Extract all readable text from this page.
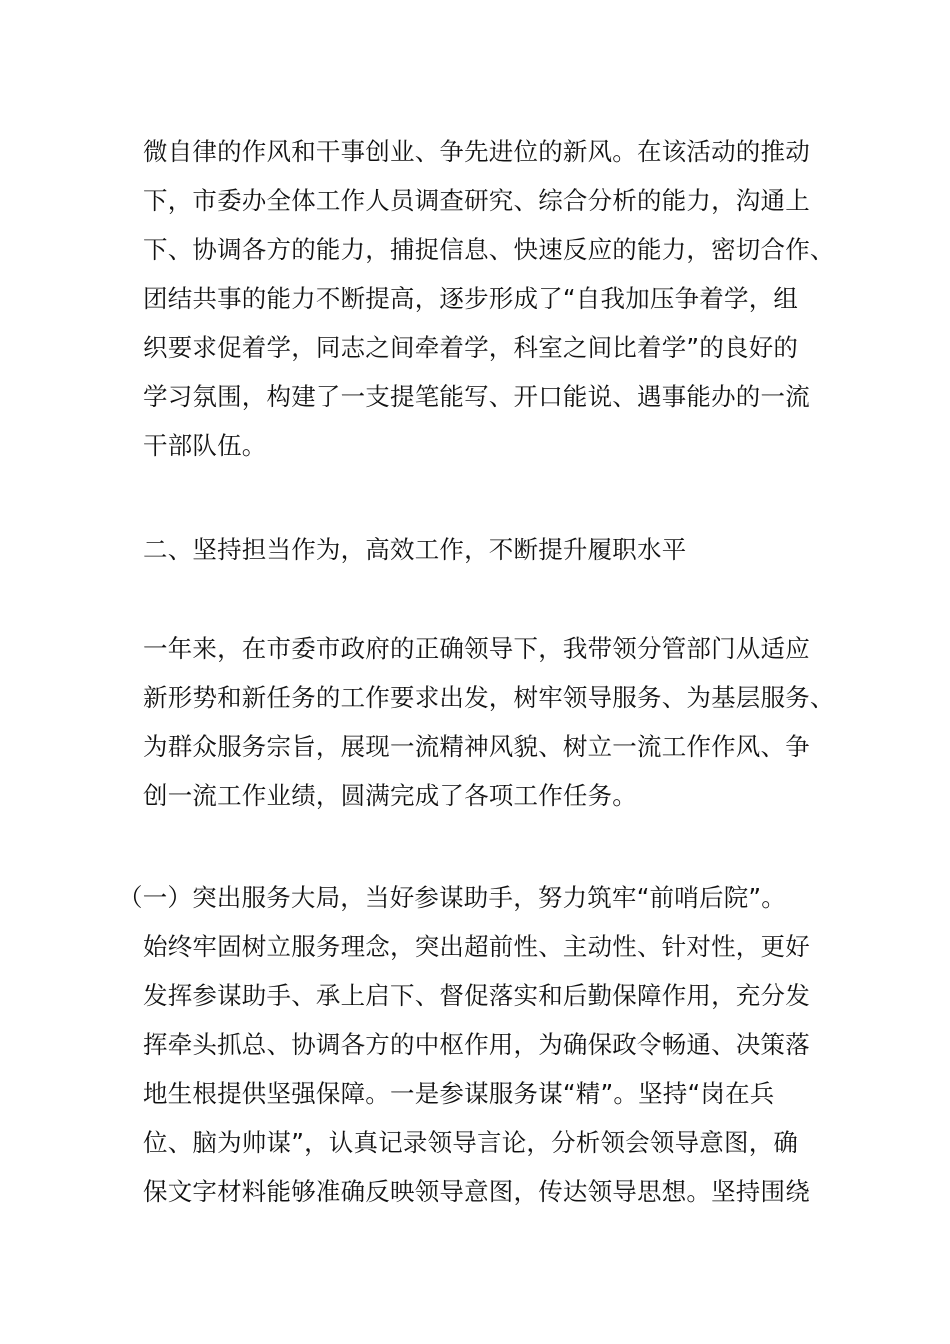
微自律的作风和干事创业、争先进位的新风。在该活动的推动
下，市委办全体工作人员调查研究、综合分析的能力，沟通上
下、协调各方的能力，捕捉信息、快速反应的能力，密切合作、
团结共事的能力不断提高，逐步形成了“自我加压争着学，组
织要求促着学，同志之间牵着学，科室之间比着学”的良好的
学习氛围，构建了一支提笔能写、开口能说、遇事能办的一流
干部队伍。
二、坚持担当作为，高效工作，不断提升履职水平
一年来，在市委市政府的正确领导下，我带领分管部门从适应
新形势和新任务的工作要求出发，树牢领导服务、为基层服务、
为群众服务宗旨，展现一流精神风貌、树立一流工作作风、争
创一流工作业绩，圆满完成了各项工作任务。
（一）突出服务大局，当好参谋助手，努力筑牢“前哨后院”。
始终牢固树立服务理念，突出超前性、主动性、针对性，更好
发挥参谋助手、承上启下、督促落实和后勤保障作用，充分发
挥牵头抓总、协调各方的中枢作用，为确保政令畅通、决策落
地生根提供坚强保障。一是参谋服务谋“精”。坚持“岗在兵
位、脑为帅谋”，认真记录领导言论，分析领会领导意图，确
保文字材料能够准确反映领导意图，传达领导思想。坚持围绕
